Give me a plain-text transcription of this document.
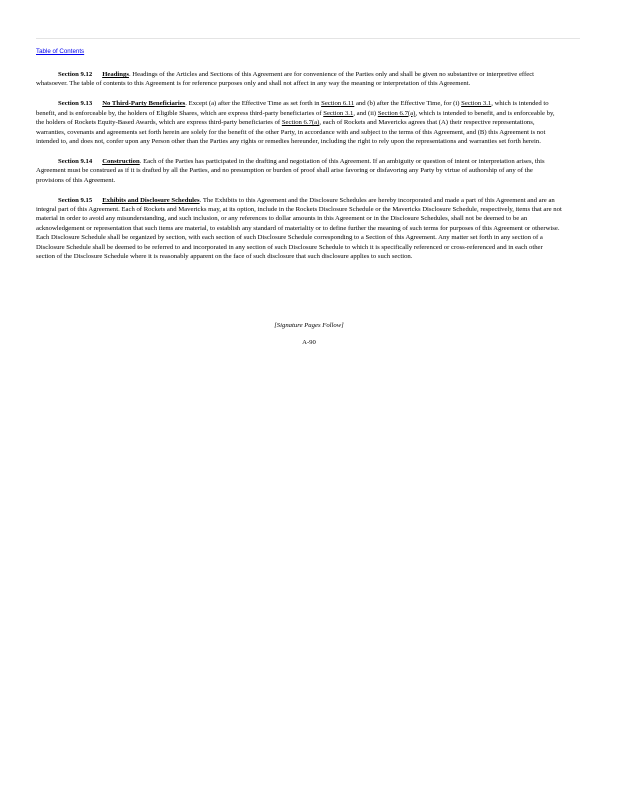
Table of Contents

Section 9.12 Headings. Headings of the Articles and Sections of this Agreement are for convenience of the Parties only and shall be given no substantive or interpretive effect whatsoever. The table of contents to this Agreement is for reference purposes only and shall not affect in any way the meaning or interpretation of this Agreement.

Section 9.13 No Third-Party Beneficiaries. Except (a) after the Effective Time as set forth in Section 6.11 and (b) after the Effective Time, for (i) Section 3.1, which is intended to benefit, and is enforceable by, the holders of Eligible Shares, which are express third-party beneficiaries of Section 3.1, and (ii) Section 6.7(a), which is intended to benefit, and is enforceable by, the holders of Rockets Equity-Based Awards, which are express third-party beneficiaries of Section 6.7(a), each of Rockets and Mavericks agrees that (A) their respective representations, warranties, covenants and agreements set forth herein are solely for the benefit of the other Party, in accordance with and subject to the terms of this Agreement, and (B) this Agreement is not intended to, and does not, confer upon any Person other than the Parties any rights or remedies hereunder, including the right to rely upon the representations and warranties set forth herein.

Section 9.14 Construction. Each of the Parties has participated in the drafting and negotiation of this Agreement. If an ambiguity or question of intent or interpretation arises, this Agreement must be construed as if it is drafted by all the Parties, and no presumption or burden of proof shall arise favoring or disfavoring any Party by virtue of authorship of any of the provisions of this Agreement.

Section 9.15 Exhibits and Disclosure Schedules. The Exhibits to this Agreement and the Disclosure Schedules are hereby incorporated and made a part of this Agreement and are an integral part of this Agreement. Each of Rockets and Mavericks may, at its option, include in the Rockets Disclosure Schedule or the Mavericks Disclosure Schedule, respectively, items that are not material in order to avoid any misunderstanding, and such inclusion, or any references to dollar amounts in this Agreement or in the Disclosure Schedules, shall not be deemed to be an acknowledgement or representation that such items are material, to establish any standard of materiality or to define further the meaning of such terms for purposes of this Agreement or otherwise. Each Disclosure Schedule shall be organized by section, with each section of such Disclosure Schedule corresponding to a Section of this Agreement. Any matter set forth in any section of a Disclosure Schedule shall be deemed to be referred to and incorporated in any section of such Disclosure Schedule to which it is specifically referenced or cross-referenced and in each other section of the Disclosure Schedule where it is reasonably apparent on the face of such disclosure that such disclosure applies to such section.

[Signature Pages Follow]
A-90
